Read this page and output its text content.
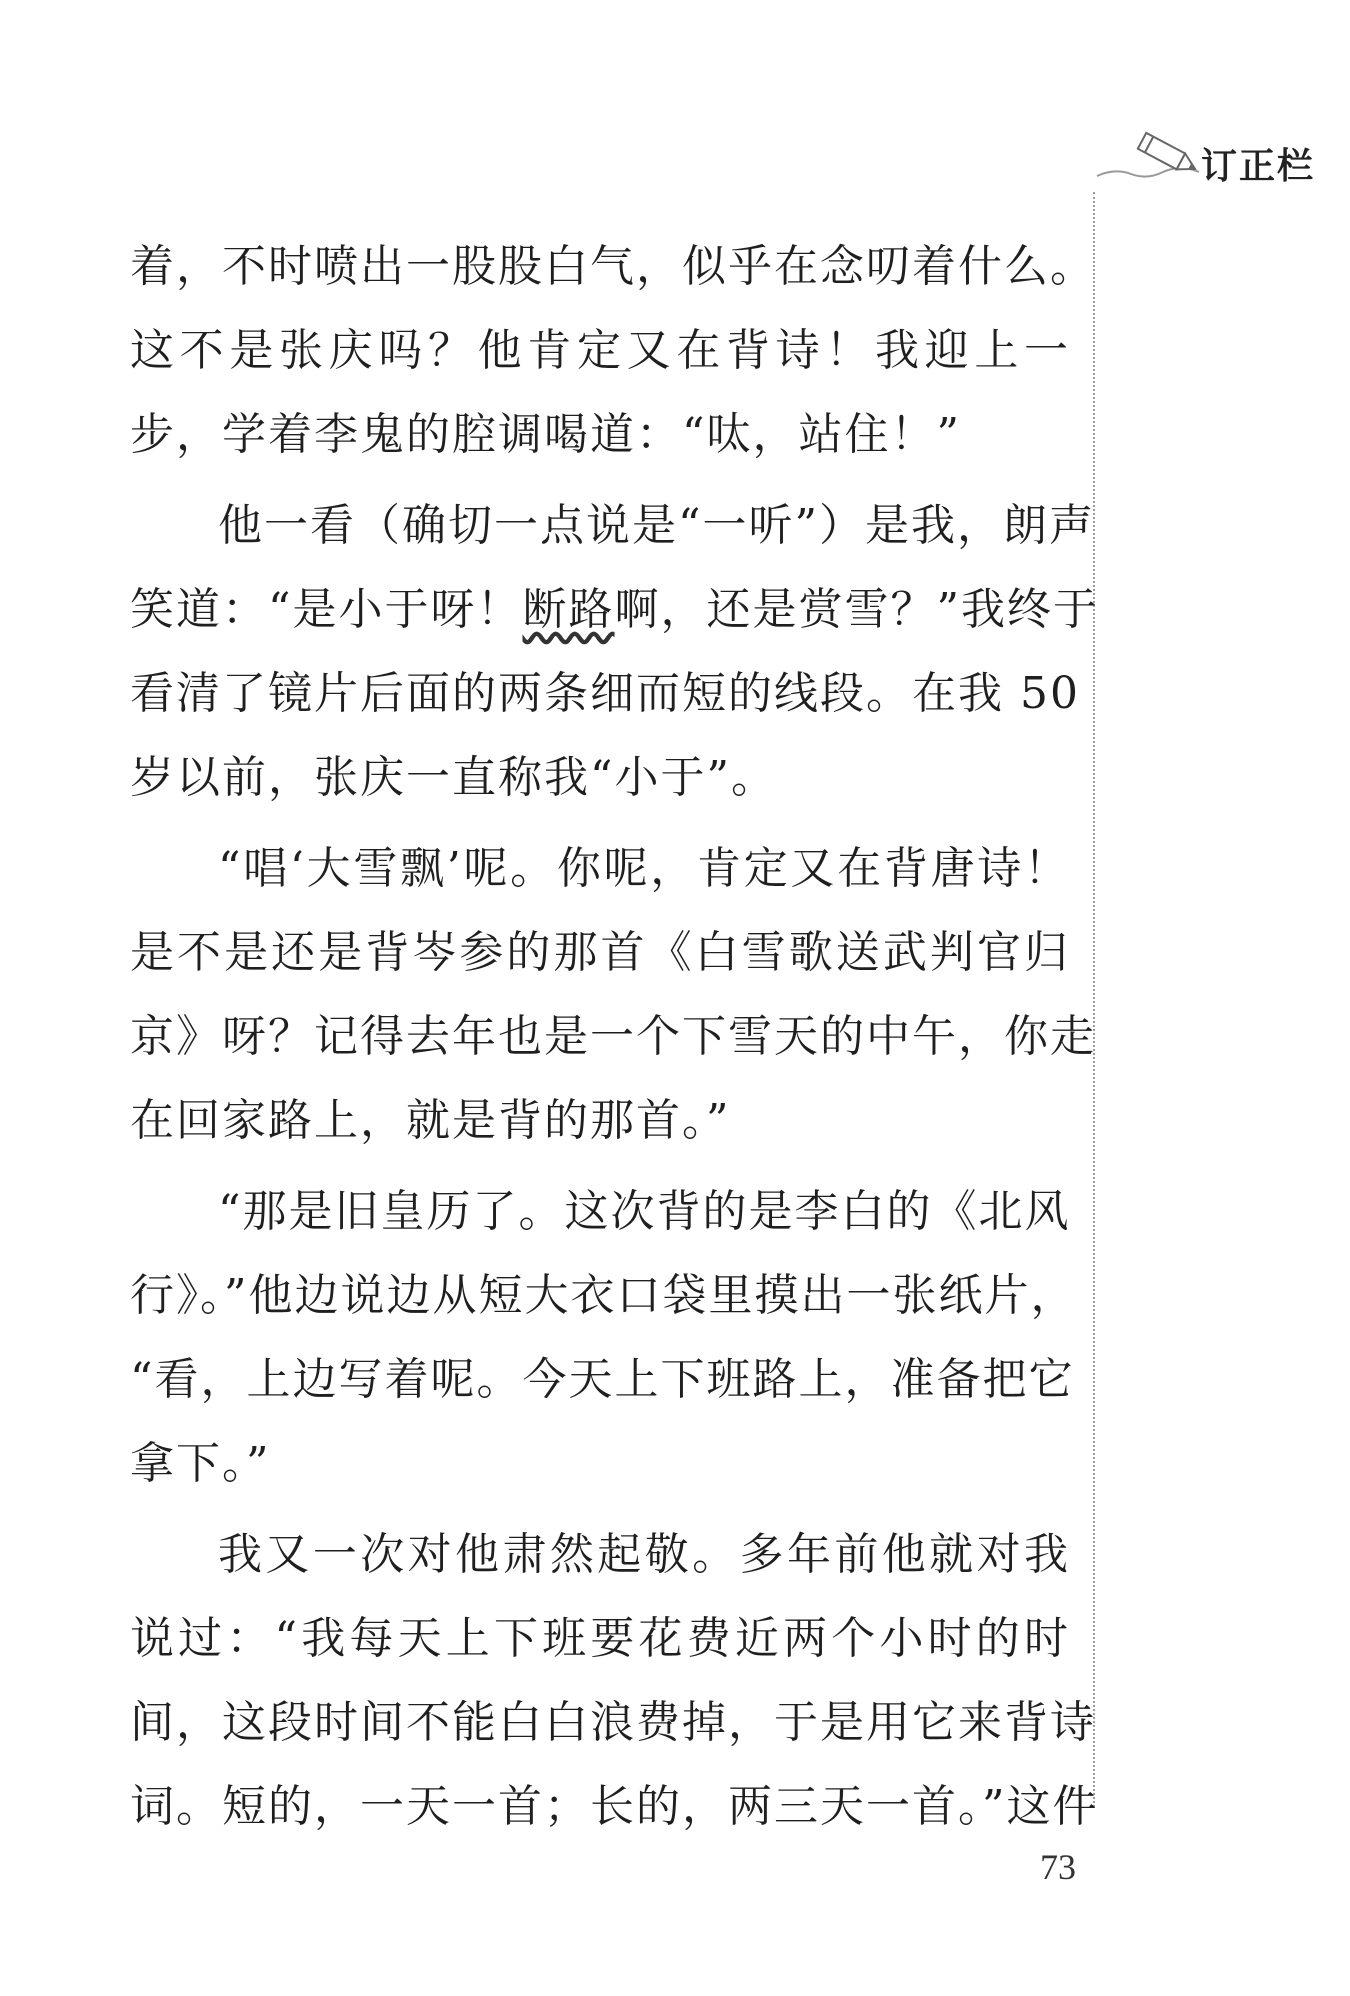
订正栏
着，不时喷出一股股白气，似乎在念叨着什么。
这不是张庆吗？他肯定又在背诗！我迎上一
步，学着李鬼的腔调喝道：“呔，站住！”
他一看（确切一点说是“一听”）是我，朗声
笑道：“是小于呀！断路啊，还是赏雪？”我终于
看清了镜片后面的两条细而短的线段。在我 50
岁以前，张庆一直称我“小于”。
“唱‘大雪飘’呢。你呢，肯定又在背唐诗！
是不是还是背岑参的那首《白雪歌送武判官归
京》呀？记得去年也是一个下雪天的中午，你走
在回家路上，就是背的那首。”
“那是旧皇历了。这次背的是李白的《北风
行》。”他边说边从短大衣口袋里摸出一张纸片，
“看，上边写着呢。今天上下班路上，准备把它
拿下。”
我又一次对他肃然起敬。多年前他就对我
说过：“我每天上下班要花费近两个小时的时
间，这段时间不能白白浪费掉，于是用它来背诗
词。短的，一天一首；长的，两三天一首。”这件
73
